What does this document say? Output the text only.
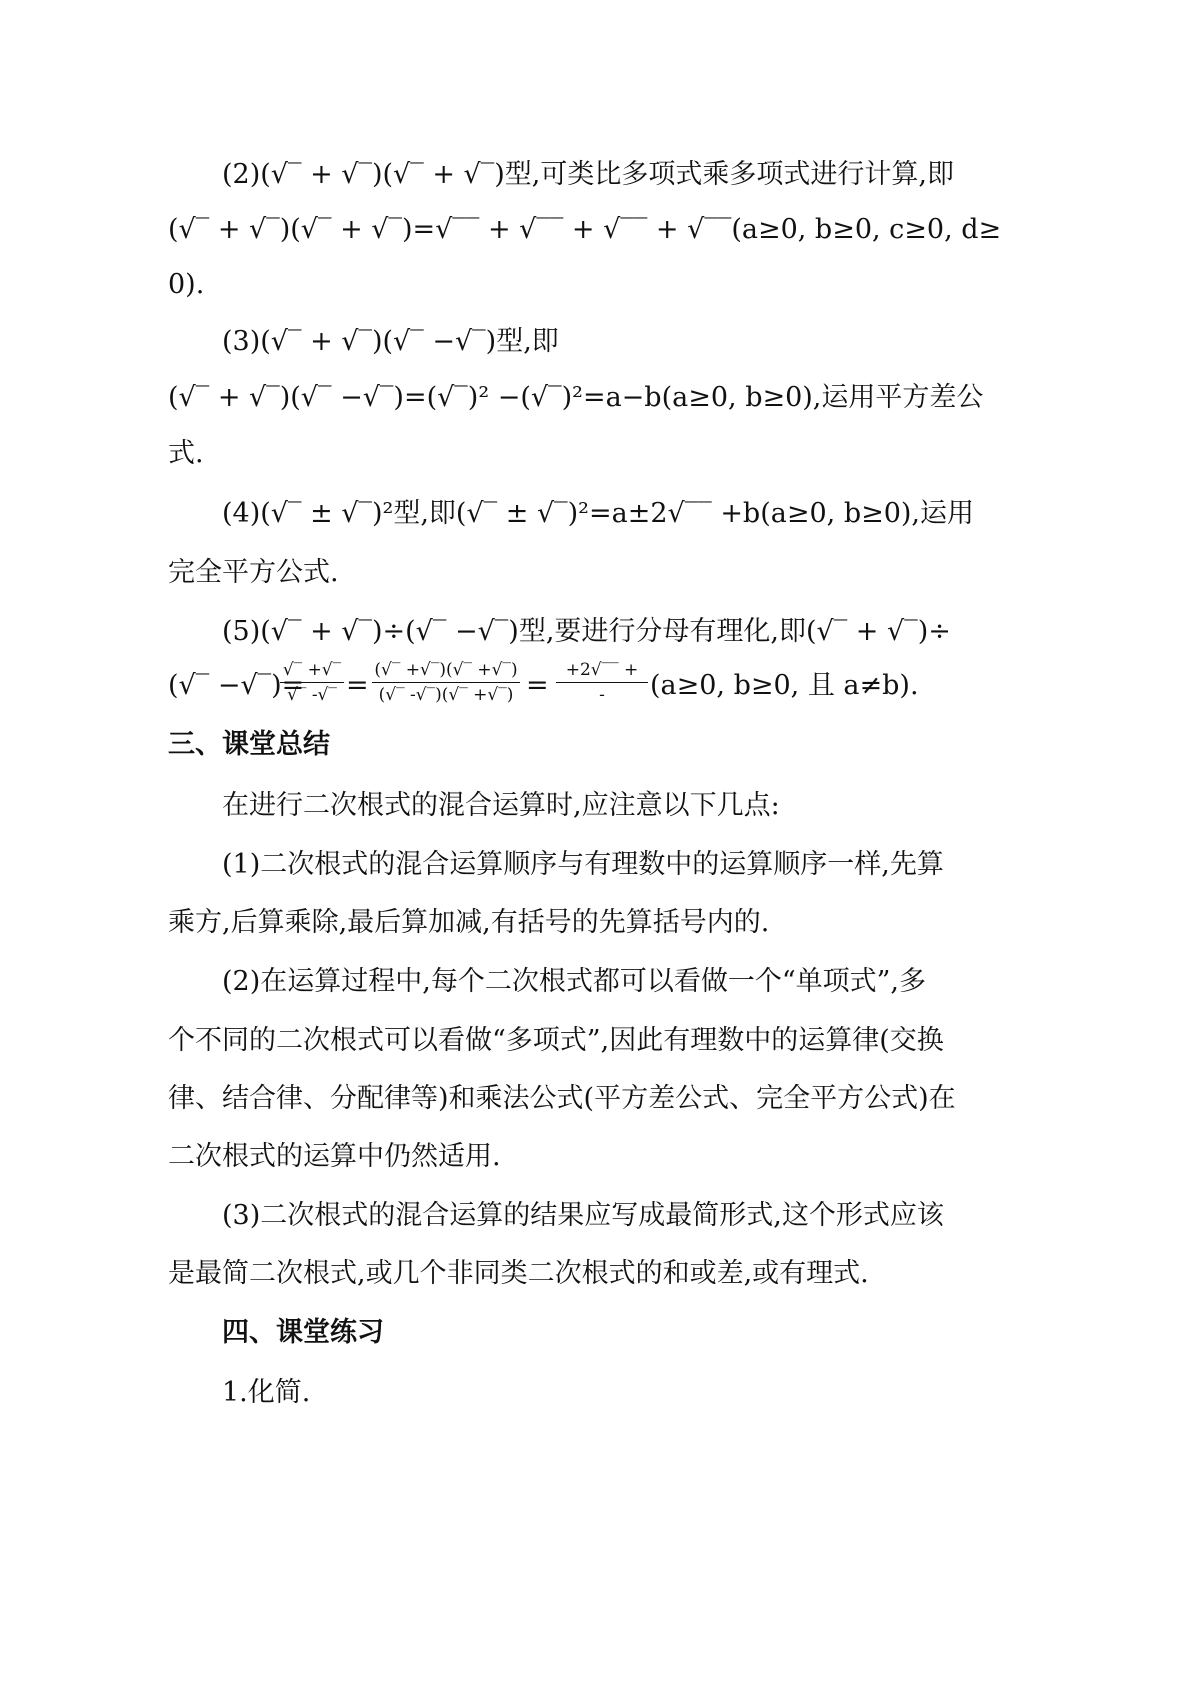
(2)(√‾ + √‾)(√‾ + √‾)型,可类比多项式乘多项式进行计算,即
(√‾ + √‾)(√‾ + √‾)=√‾‾ + √‾‾ + √‾‾ + √‾‾(a≥0, b≥0, c≥0, d≥
0).
(3)(√‾ + √‾)(√‾ −√‾)型,即
(√‾ + √‾)(√‾ −√‾)=(√‾)² −(√‾)²=a−b(a≥0, b≥0),运用平方差公
式.
(4)(√‾ ± √‾)²型,即(√‾ ± √‾)²=a±2√‾‾ +b(a≥0, b≥0),运用
完全平方公式.
(5)(√‾ + √‾)÷(√‾ −√‾)型,要进行分母有理化,即(√‾ + √‾)÷
(√‾ −√‾)=
√‾ +√‾
√‾ -√‾ = (√‾ +√‾)(√‾ +√‾)
(√‾ -√‾)(√‾ +√‾) =	+2√‾‾ +
-	(a≥0, b≥0, 且 a≠b).
三、课堂总结
在进行二次根式的混合运算时,应注意以下几点:
(1)二次根式的混合运算顺序与有理数中的运算顺序一样,先算
乘方,后算乘除,最后算加减,有括号的先算括号内的.
(2)在运算过程中,每个二次根式都可以看做一个“单项式”,多
个不同的二次根式可以看做“多项式”,因此有理数中的运算律(交换
律、结合律、分配律等)和乘法公式(平方差公式、完全平方公式)在
二次根式的运算中仍然适用.
(3)二次根式的混合运算的结果应写成最简形式,这个形式应该
是最简二次根式,或几个非同类二次根式的和或差,或有理式.
四、课堂练习
1.化简.
